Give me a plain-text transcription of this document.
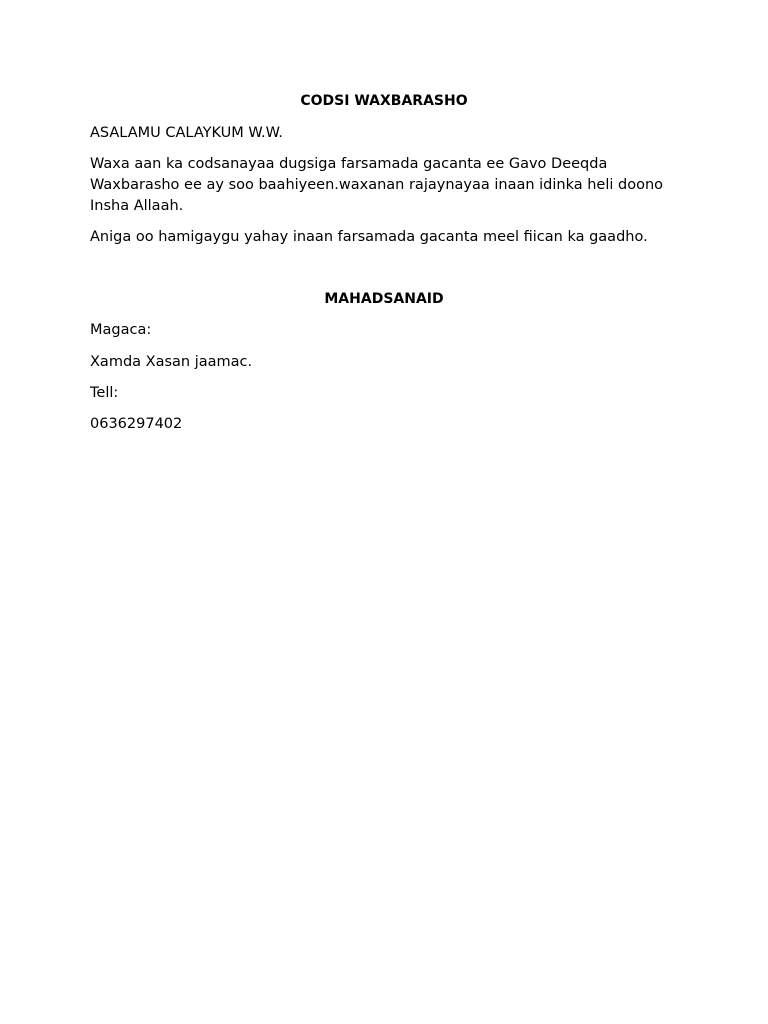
CODSI WAXBARASHO
ASALAMU CALAYKUM W.W.
Waxa aan ka codsanayaa dugsiga farsamada gacanta ee Gavo Deeqda Waxbarasho ee ay soo baahiyeen.waxanan rajaynayaa inaan idinka heli doono Insha Allaah.
Aniga oo hamigaygu yahay inaan farsamada gacanta meel fiican ka gaadho.
MAHADSANAID
Magaca:
Xamda Xasan jaamac.
Tell:
0636297402
